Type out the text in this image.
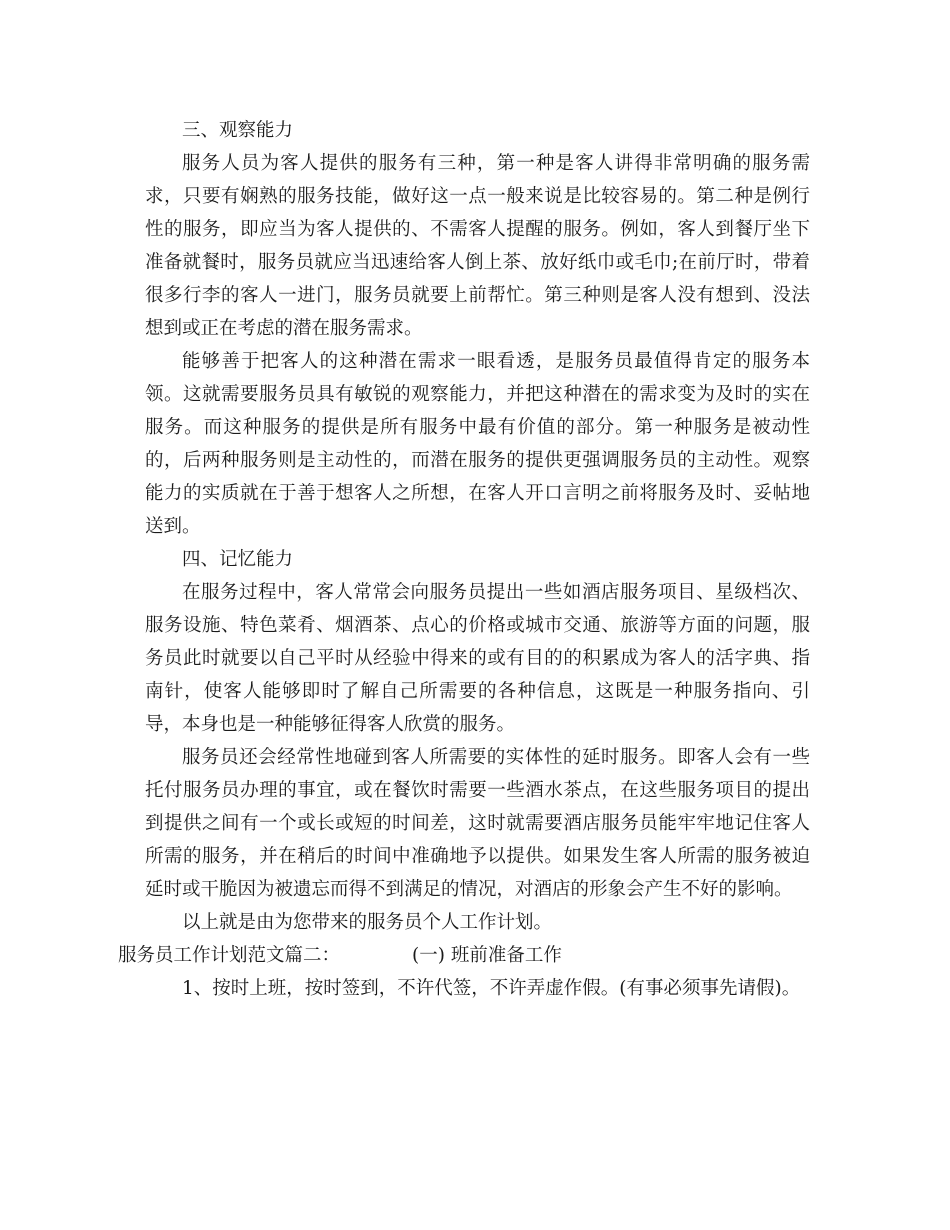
三、观察能力

服务人员为客人提供的服务有三种，第一种是客人讲得非常明确的服务需求，只要有娴熟的服务技能，做好这一点一般来说是比较容易的。第二种是例行性的服务，即应当为客人提供的、不需客人提醒的服务。例如，客人到餐厅坐下准备就餐时，服务员就应当迅速给客人倒上茶、放好纸巾或毛巾;在前厅时，带着很多行李的客人一进门，服务员就要上前帮忙。第三种则是客人没有想到、没法想到或正在考虑的潜在服务需求。

能够善于把客人的这种潜在需求一眼看透，是服务员最值得肯定的服务本领。这就需要服务员具有敏锐的观察能力，并把这种潜在的需求变为及时的实在服务。而这种服务的提供是所有服务中最有价值的部分。第一种服务是被动性的，后两种服务则是主动性的，而潜在服务的提供更强调服务员的主动性。观察能力的实质就在于善于想客人之所想，在客人开口言明之前将服务及时、妥帖地送到。

四、记忆能力

在服务过程中，客人常常会向服务员提出一些如酒店服务项目、星级档次、服务设施、特色菜肴、烟酒茶、点心的价格或城市交通、旅游等方面的问题，服务员此时就要以自己平时从经验中得来的或有目的的积累成为客人的活字典、指南针，使客人能够即时了解自己所需要的各种信息，这既是一种服务指向、引导，本身也是一种能够征得客人欣赏的服务。

服务员还会经常性地碰到客人所需要的实体性的延时服务。即客人会有一些托付服务员办理的事宜，或在餐饮时需要一些酒水茶点，在这些服务项目的提出到提供之间有一个或长或短的时间差，这时就需要酒店服务员能牢牢地记住客人所需的服务，并在稍后的时间中准确地予以提供。如果发生客人所需的服务被迫延时或干脆因为被遗忘而得不到满足的情况，对酒店的形象会产生不好的影响。

以上就是由为您带来的服务员个人工作计划。

服务员工作计划范文篇二：	(一) 班前准备工作

1、按时上班，按时签到，不许代签，不许弄虚作假。(有事必须事先请假)。
